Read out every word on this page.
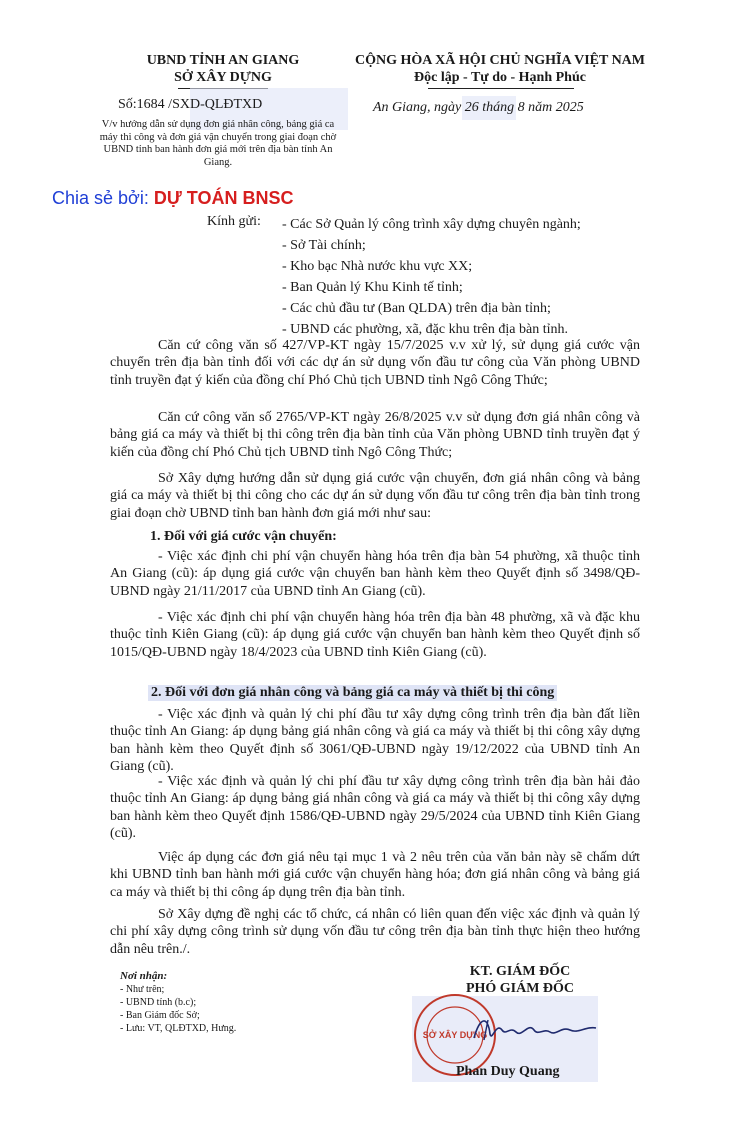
UBND TỈNH AN GIANG
SỞ XÂY DỰNG
CỘNG HÒA XÃ HỘI CHỦ NGHĨA VIỆT NAM
Độc lập - Tự do - Hạnh Phúc
Số:1684 /SXD-QLĐTXD	An Giang, ngày 26 tháng 8 năm 2025
V/v hướng dẫn sử dụng đơn giá nhân công, bảng giá ca máy thi công và đơn giá vận chuyển trong giai đoạn chờ UBND tỉnh ban hành đơn giá mới trên địa bàn tỉnh An Giang.
Chia sẻ bởi: DỰ TOÁN BNSC
Kính gửi: - Các Sở Quản lý công trình xây dựng chuyên ngành;
- Sở Tài chính;
- Kho bạc Nhà nước khu vực XX;
- Ban Quản lý Khu Kinh tế tỉnh;
- Các chủ đầu tư (Ban QLDA) trên địa bàn tỉnh;
- UBND các phường, xã, đặc khu trên địa bàn tỉnh.

Căn cứ công văn số 427/VP-KT ngày 15/7/2025 v.v xử lý, sử dụng giá cước vận chuyển trên địa bàn tỉnh đối với các dự án sử dụng vốn đầu tư công của Văn phòng UBND tỉnh truyền đạt ý kiến của đồng chí Phó Chủ tịch UBND tỉnh Ngô Công Thức;

Căn cứ công văn số 2765/VP-KT ngày 26/8/2025 v.v sử dụng đơn giá nhân công và bảng giá ca máy và thiết bị thi công trên địa bàn tỉnh của Văn phòng UBND tỉnh truyền đạt ý kiến của đồng chí Phó Chủ tịch UBND tỉnh Ngô Công Thức;

Sở Xây dựng hướng dẫn sử dụng giá cước vận chuyển, đơn giá nhân công và bảng giá ca máy và thiết bị thi công cho các dự án sử dụng vốn đầu tư công trên địa bàn tỉnh trong giai đoạn chờ UBND tỉnh ban hành đơn giá mới như sau:

1. Đối với giá cước vận chuyển:

- Việc xác định chi phí vận chuyển hàng hóa trên địa bàn 54 phường, xã thuộc tỉnh An Giang (cũ): áp dụng giá cước vận chuyển ban hành kèm theo Quyết định số 3498/QĐ-UBND ngày 21/11/2017 của UBND tỉnh An Giang (cũ).

- Việc xác định chi phí vận chuyển hàng hóa trên địa bàn 48 phường, xã và đặc khu thuộc tỉnh Kiên Giang (cũ): áp dụng giá cước vận chuyển ban hành kèm theo Quyết định số 1015/QĐ-UBND ngày 18/4/2023 của UBND tỉnh Kiên Giang (cũ).

2. Đối với đơn giá nhân công và bảng giá ca máy và thiết bị thi công

- Việc xác định và quản lý chi phí đầu tư xây dựng công trình trên địa bàn đất liền thuộc tỉnh An Giang: áp dụng bảng giá nhân công và giá ca máy và thiết bị thi công xây dựng ban hành kèm theo Quyết định số 3061/QĐ-UBND ngày 19/12/2022 của UBND tỉnh An Giang (cũ).

- Việc xác định và quản lý chi phí đầu tư xây dựng công trình trên địa bàn hải đảo thuộc tỉnh An Giang: áp dụng bảng giá nhân công và giá ca máy và thiết bị thi công xây dựng ban hành kèm theo Quyết định 1586/QĐ-UBND ngày 29/5/2024 của UBND tỉnh Kiên Giang (cũ).

Việc áp dụng các đơn giá nêu tại mục 1 và 2 nêu trên của văn bản này sẽ chấm dứt khi UBND tỉnh ban hành mới giá cước vận chuyển hàng hóa; đơn giá nhân công và bảng giá ca máy và thiết bị thi công áp dụng trên địa bàn tỉnh.

Sở Xây dựng đề nghị các tổ chức, cá nhân có liên quan đến việc xác định và quản lý chi phí xây dựng công trình sử dụng vốn đầu tư công trên địa bàn tỉnh thực hiện theo hướng dẫn nêu trên./.

Nơi nhận:
- Như trên;
- UBND tỉnh (b.c);
- Ban Giám đốc Sở;
- Lưu: VT, QLĐTXD, Hưng.
KT. GIÁM ĐỐC
PHÓ GIÁM ĐỐC
SỞ XÂY DỰNG
Phan Duy Quang
